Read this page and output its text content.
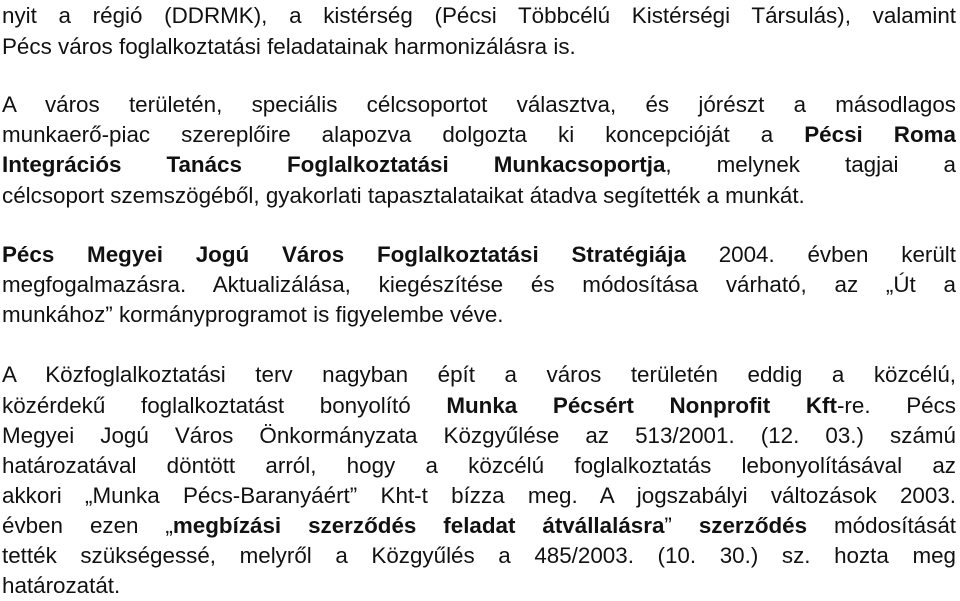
nyit a régió (DDRMK), a kistérség (Pécsi Többcélú Kistérségi Társulás), valamint
Pécs város foglalkoztatási feladatainak harmonizálásra is.
A város területén, speciális célcsoportot választva, és jórészt a másodlagos
munkaerő-piac szereplőire alapozva dolgozta ki koncepcióját a Pécsi Roma
Integrációs Tanács Foglalkoztatási Munkacsoportja, melynek tagjai a
célcsoport szemszögéből, gyakorlati tapasztalataikat átadva segítették a munkát.
Pécs Megyei Jogú Város Foglalkoztatási Stratégiája 2004. évben került
megfogalmazásra. Aktualizálása, kiegészítése és módosítása várható, az „Út a
munkához” kormányprogramot is figyelembe véve.
A Közfoglalkoztatási terv nagyban épít a város területén eddig a közcélú,
közérdekű foglalkoztatást bonyolító Munka Pécsért Nonprofit Kft-re. Pécs
Megyei Jogú Város Önkormányzata Közgyűlése az 513/2001. (12. 03.) számú
határozatával döntött arról, hogy a közcélú foglalkoztatás lebonyolításával az
akkori „Munka Pécs-Baranyáért” Kht-t bízza meg. A jogszabályi változások 2003.
évben ezen „megbízási szerződés feladat átvállalásra” szerződés módosítását
tették szükségessé, melyről a Közgyűlés a 485/2003. (10. 30.) sz. hozta meg
határozatát.
